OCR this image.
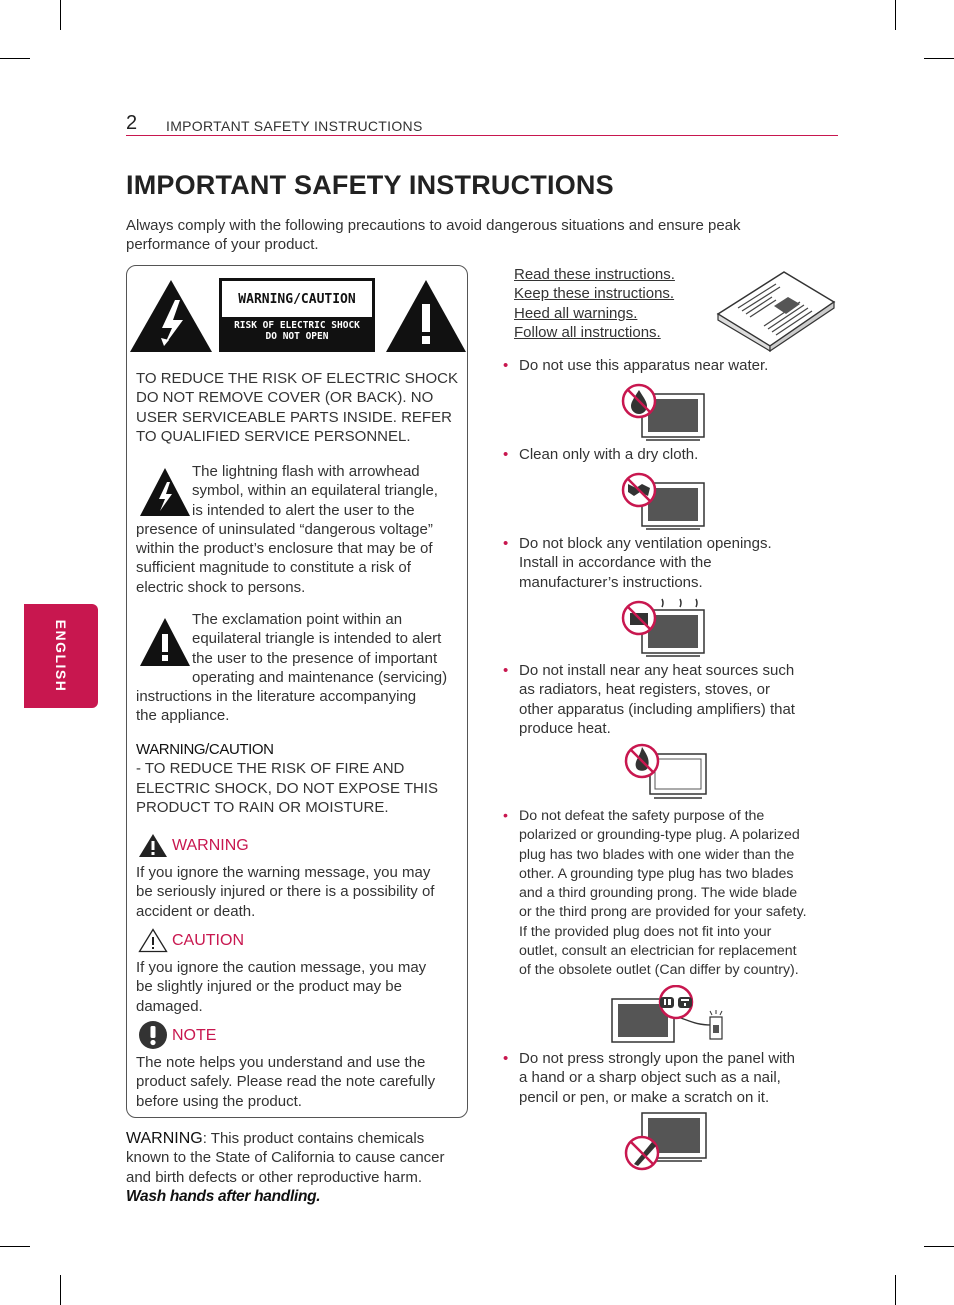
2 IMPORTANT SAFETY INSTRUCTIONS
ENGLISH
IMPORTANT SAFETY INSTRUCTIONS
Always comply with the following precautions to avoid dangerous situations and ensure peak performance of your product.
WARNING/CAUTION
RISK OF ELECTRIC SHOCK
DO NOT OPEN
TO REDUCE THE RISK OF ELECTRIC SHOCK
DO NOT REMOVE COVER (OR BACK). NO
USER SERVICEABLE PARTS INSIDE. REFER
TO QUALIFIED SERVICE PERSONNEL.
The lightning flash with arrowhead
symbol, within an equilateral triangle,
is intended to alert the user to the
presence of uninsulated “dangerous voltage”
within the product’s enclosure that may be of
sufficient magnitude to constitute a risk of
electric shock to persons.
The exclamation point within an
equilateral triangle is intended to alert
the user to the presence of important
operating and maintenance (servicing)
instructions in the literature accompanying
the appliance.
WARNING/CAUTION
- TO REDUCE THE RISK OF FIRE AND
ELECTRIC SHOCK, DO NOT EXPOSE THIS
PRODUCT TO RAIN OR MOISTURE.
WARNING
If you ignore the warning message, you may
be seriously injured or there is a possibility of
accident or death.
CAUTION
If you ignore the caution message, you may
be slightly injured or the product may be
damaged.
NOTE
The note helps you understand and use the
product safely. Please read the note carefully
before using the product.
WARNING: This product contains chemicals
known to the State of California to cause cancer
and birth defects or other reproductive harm.
Wash hands after handling.
Read these instructions.
Keep these instructions.
Heed all warnings.
Follow all instructions.
• Do not use this apparatus near water.
• Clean only with a dry cloth.
• Do not block any ventilation openings.
Install in accordance with the
manufacturer’s instructions.
• Do not install near any heat sources such
as radiators, heat registers, stoves, or
other apparatus (including amplifiers) that
produce heat.
• Do not defeat the safety purpose of the
polarized or grounding-type plug. A polarized
plug has two blades with one wider than the
other. A grounding type plug has two blades
and a third grounding prong. The wide blade
or the third prong are provided for your safety.
If the provided plug does not fit into your
outlet, consult an electrician for replacement
of the obsolete outlet (Can differ by country).
• Do not press strongly upon the panel with
a hand or a sharp object such as a nail,
pencil or pen, or make a scratch on it.
